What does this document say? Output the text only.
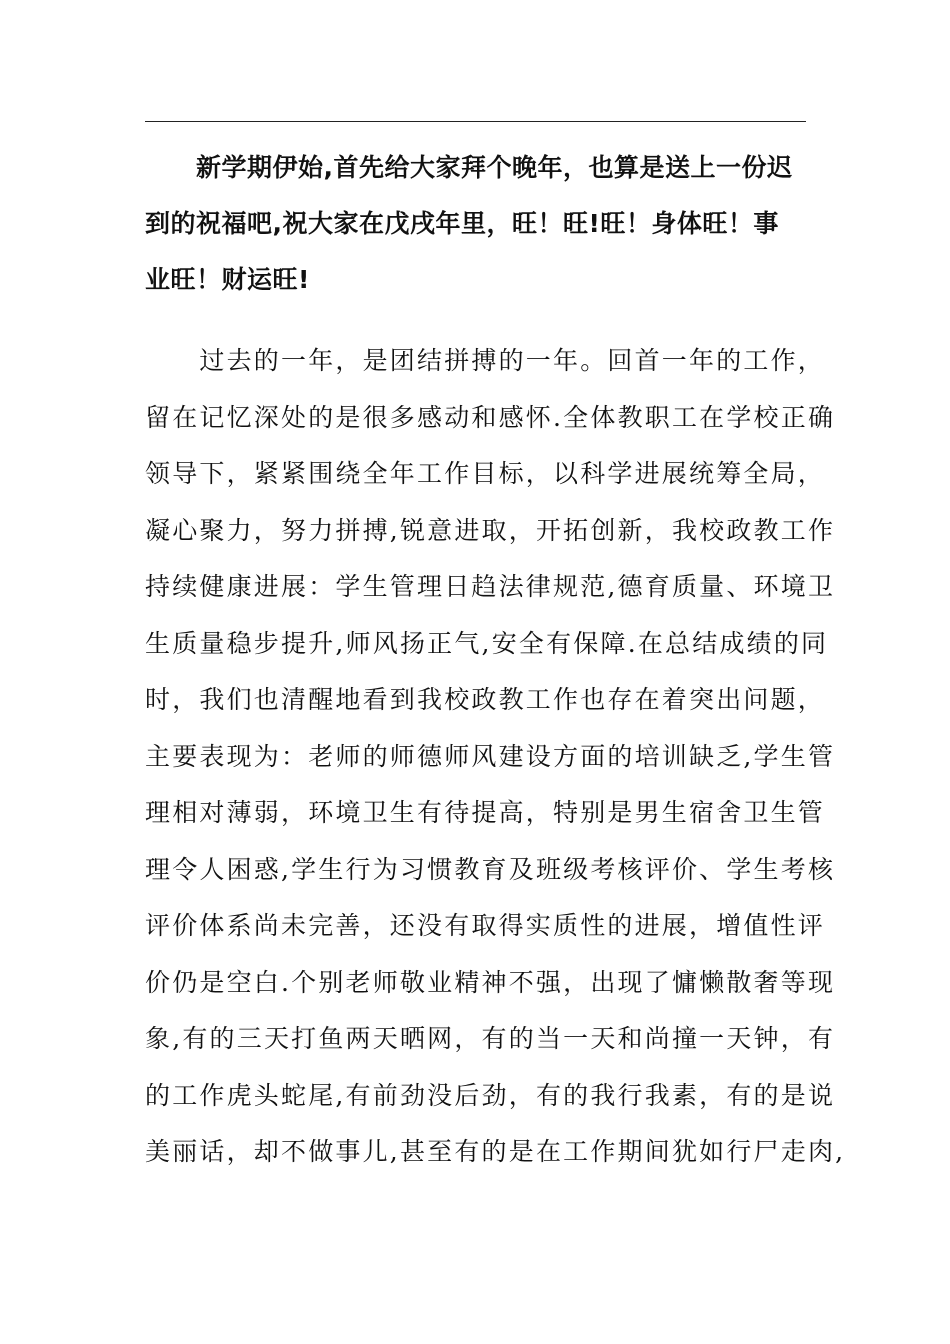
　　新学期伊始,首先给大家拜个晚年，也算是送上一份迟
到的祝福吧,祝大家在戊戌年里，旺！旺!旺！身体旺！事
业旺！财运旺!
　　过去的一年，是团结拼搏的一年。回首一年的工作，
留在记忆深处的是很多感动和感怀.全体教职工在学校正确
领导下，紧紧围绕全年工作目标，以科学进展统筹全局，
凝心聚力，努力拼搏,锐意进取，开拓创新，我校政教工作
持续健康进展：学生管理日趋法律规范,德育质量、环境卫
生质量稳步提升,师风扬正气,安全有保障.在总结成绩的同
时，我们也清醒地看到我校政教工作也存在着突出问题，
主要表现为：老师的师德师风建设方面的培训缺乏,学生管
理相对薄弱，环境卫生有待提高，特别是男生宿舍卫生管
理令人困惑,学生行为习惯教育及班级考核评价、学生考核
评价体系尚未完善，还没有取得实质性的进展，增值性评
价仍是空白.个别老师敬业精神不强，出现了慵懒散奢等现
象,有的三天打鱼两天晒网，有的当一天和尚撞一天钟，有
的工作虎头蛇尾,有前劲没后劲，有的我行我素，有的是说
美丽话，却不做事儿,甚至有的是在工作期间犹如行尸走肉,
